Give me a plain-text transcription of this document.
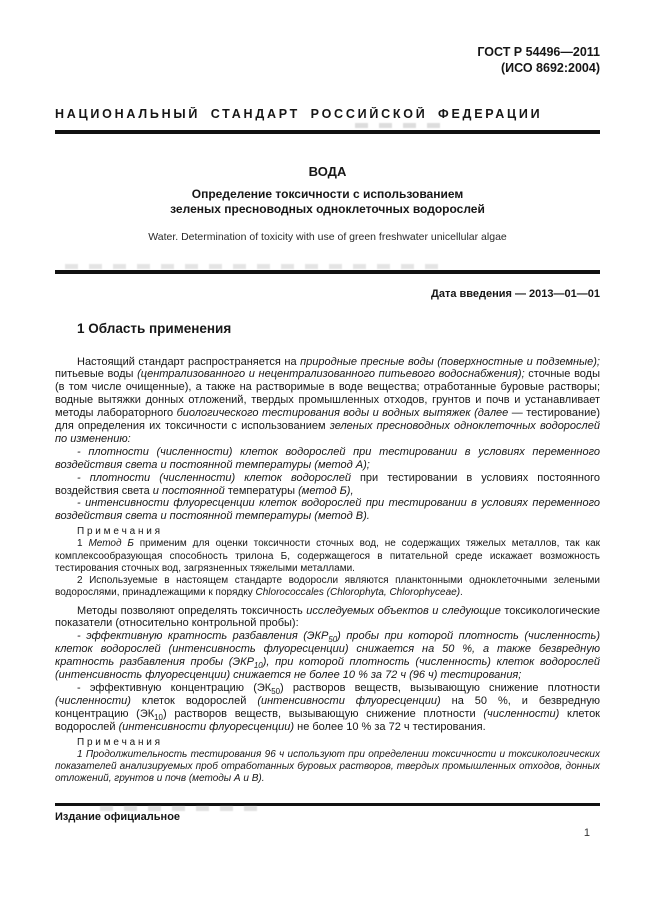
ГОСТ Р 54496—2011
(ИСО 8692:2004)
НАЦИОНАЛЬНЫЙ СТАНДАРТ РОССИЙСКОЙ ФЕДЕРАЦИИ
ВОДА
Определение токсичности с использованием
зеленых пресноводных одноклеточных водорослей
Water. Determination of toxicity with use of green freshwater unicellular algae
Дата введения — 2013—01—01
1 Область применения
Настоящий стандарт распространяется на природные пресные воды (поверхностные и подземные); питьевые воды (централизованного и нецентрализованного питьевого водоснабжения); сточные воды (в том числе очищенные), а также на растворимые в воде вещества; отработанные буровые растворы; водные вытяжки донных отложений, твердых промышленных отходов, грунтов и почв и устанавливает методы лабораторного биологического тестирования воды и водных вытяжек (далее — тестирование) для определения их токсичности с использованием зеленых пресноводных одноклеточных водорослей по изменению:
- плотности (численности) клеток водорослей при тестировании в условиях переменного воздействия света и постоянной температуры (метод А);
- плотности (численности) клеток водорослей при тестировании в условиях постоянного воздействия света и постоянной температуры (метод Б),
- интенсивности флуоресценции клеток водорослей при тестировании в условиях переменного воздействия света и постоянной температуры (метод В).
П р и м е ч а н и я
1 Метод Б применим для оценки токсичности сточных вод, не содержащих тяжелых металлов, так как комплексообразующая способность трилона Б, содержащегося в питательной среде искажает возможность тестирования сточных вод, загрязненных тяжелыми металлами.
2 Используемые в настоящем стандарте водоросли являются планктонными одноклеточными зелеными водорослями, принадлежащими к порядку Chlorococcales (Chlorophyta, Chlorophyceae).
Методы позволяют определять токсичность исследуемых объектов и следующие токсикологические показатели (относительно контрольной пробы):
- эффективную кратность разбавления $(ЭКР_{50})$ пробы при которой плотность (численность) клеток водорослей (интенсивность флуоресценции) снижается на 50 %, а также безвредную кратность разбавления пробы $(ЭКР_{10})$, при которой плотность (численность) клеток водорослей (интенсивность флуоресценции) снижается не более 10 % за 72 ч (96 ч) тестирования;
- эффективную концентрацию $(ЭК_{50})$ растворов веществ, вызывающую снижение плотности (численности) клеток водорослей (интенсивности флуоресценции) на 50 %, и безвредную концентрацию $(ЭК_{10})$ растворов веществ, вызывающую снижение плотности (численности) клеток водорослей (интенсивности флуоресценции) не более 10 % за 72 ч тестирования.
П р и м е ч а н и я
1 Продолжительность тестирования 96 ч используют при определении токсичности и токсикологических показателей анализируемых проб отработанных буровых растворов, твердых промышленных отходов, донных отложений, грунтов и почв (методы А и В).
Издание официальное
1
